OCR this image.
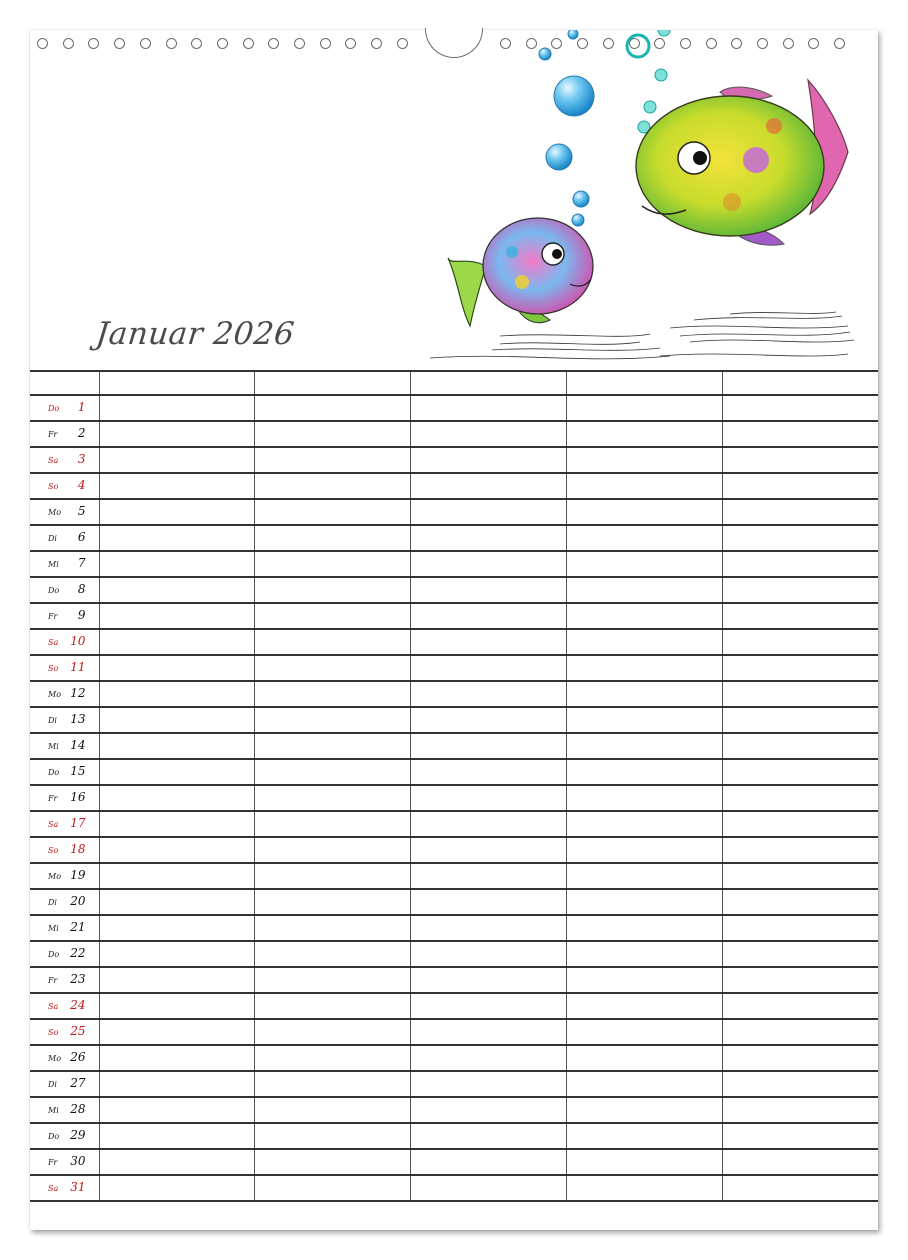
Januar 2026

Do 1					

Fr 2					

Sa 3					

So 4					

Mo 5					

Di 6					

Mi 7					

Do 8					

Fr 9					

Sa 10					

So 11					

Mo 12					

Di 13					

Mi 14					

Do 15					

Fr 16					

Sa 17					

So 18					

Mo 19					

Di 20					

Mi 21					

Do 22					

Fr 23					

Sa 24					

So 25					

Mo 26					

Di 27					

Mi 28					

Do 29					

Fr 30					

Sa 31					
